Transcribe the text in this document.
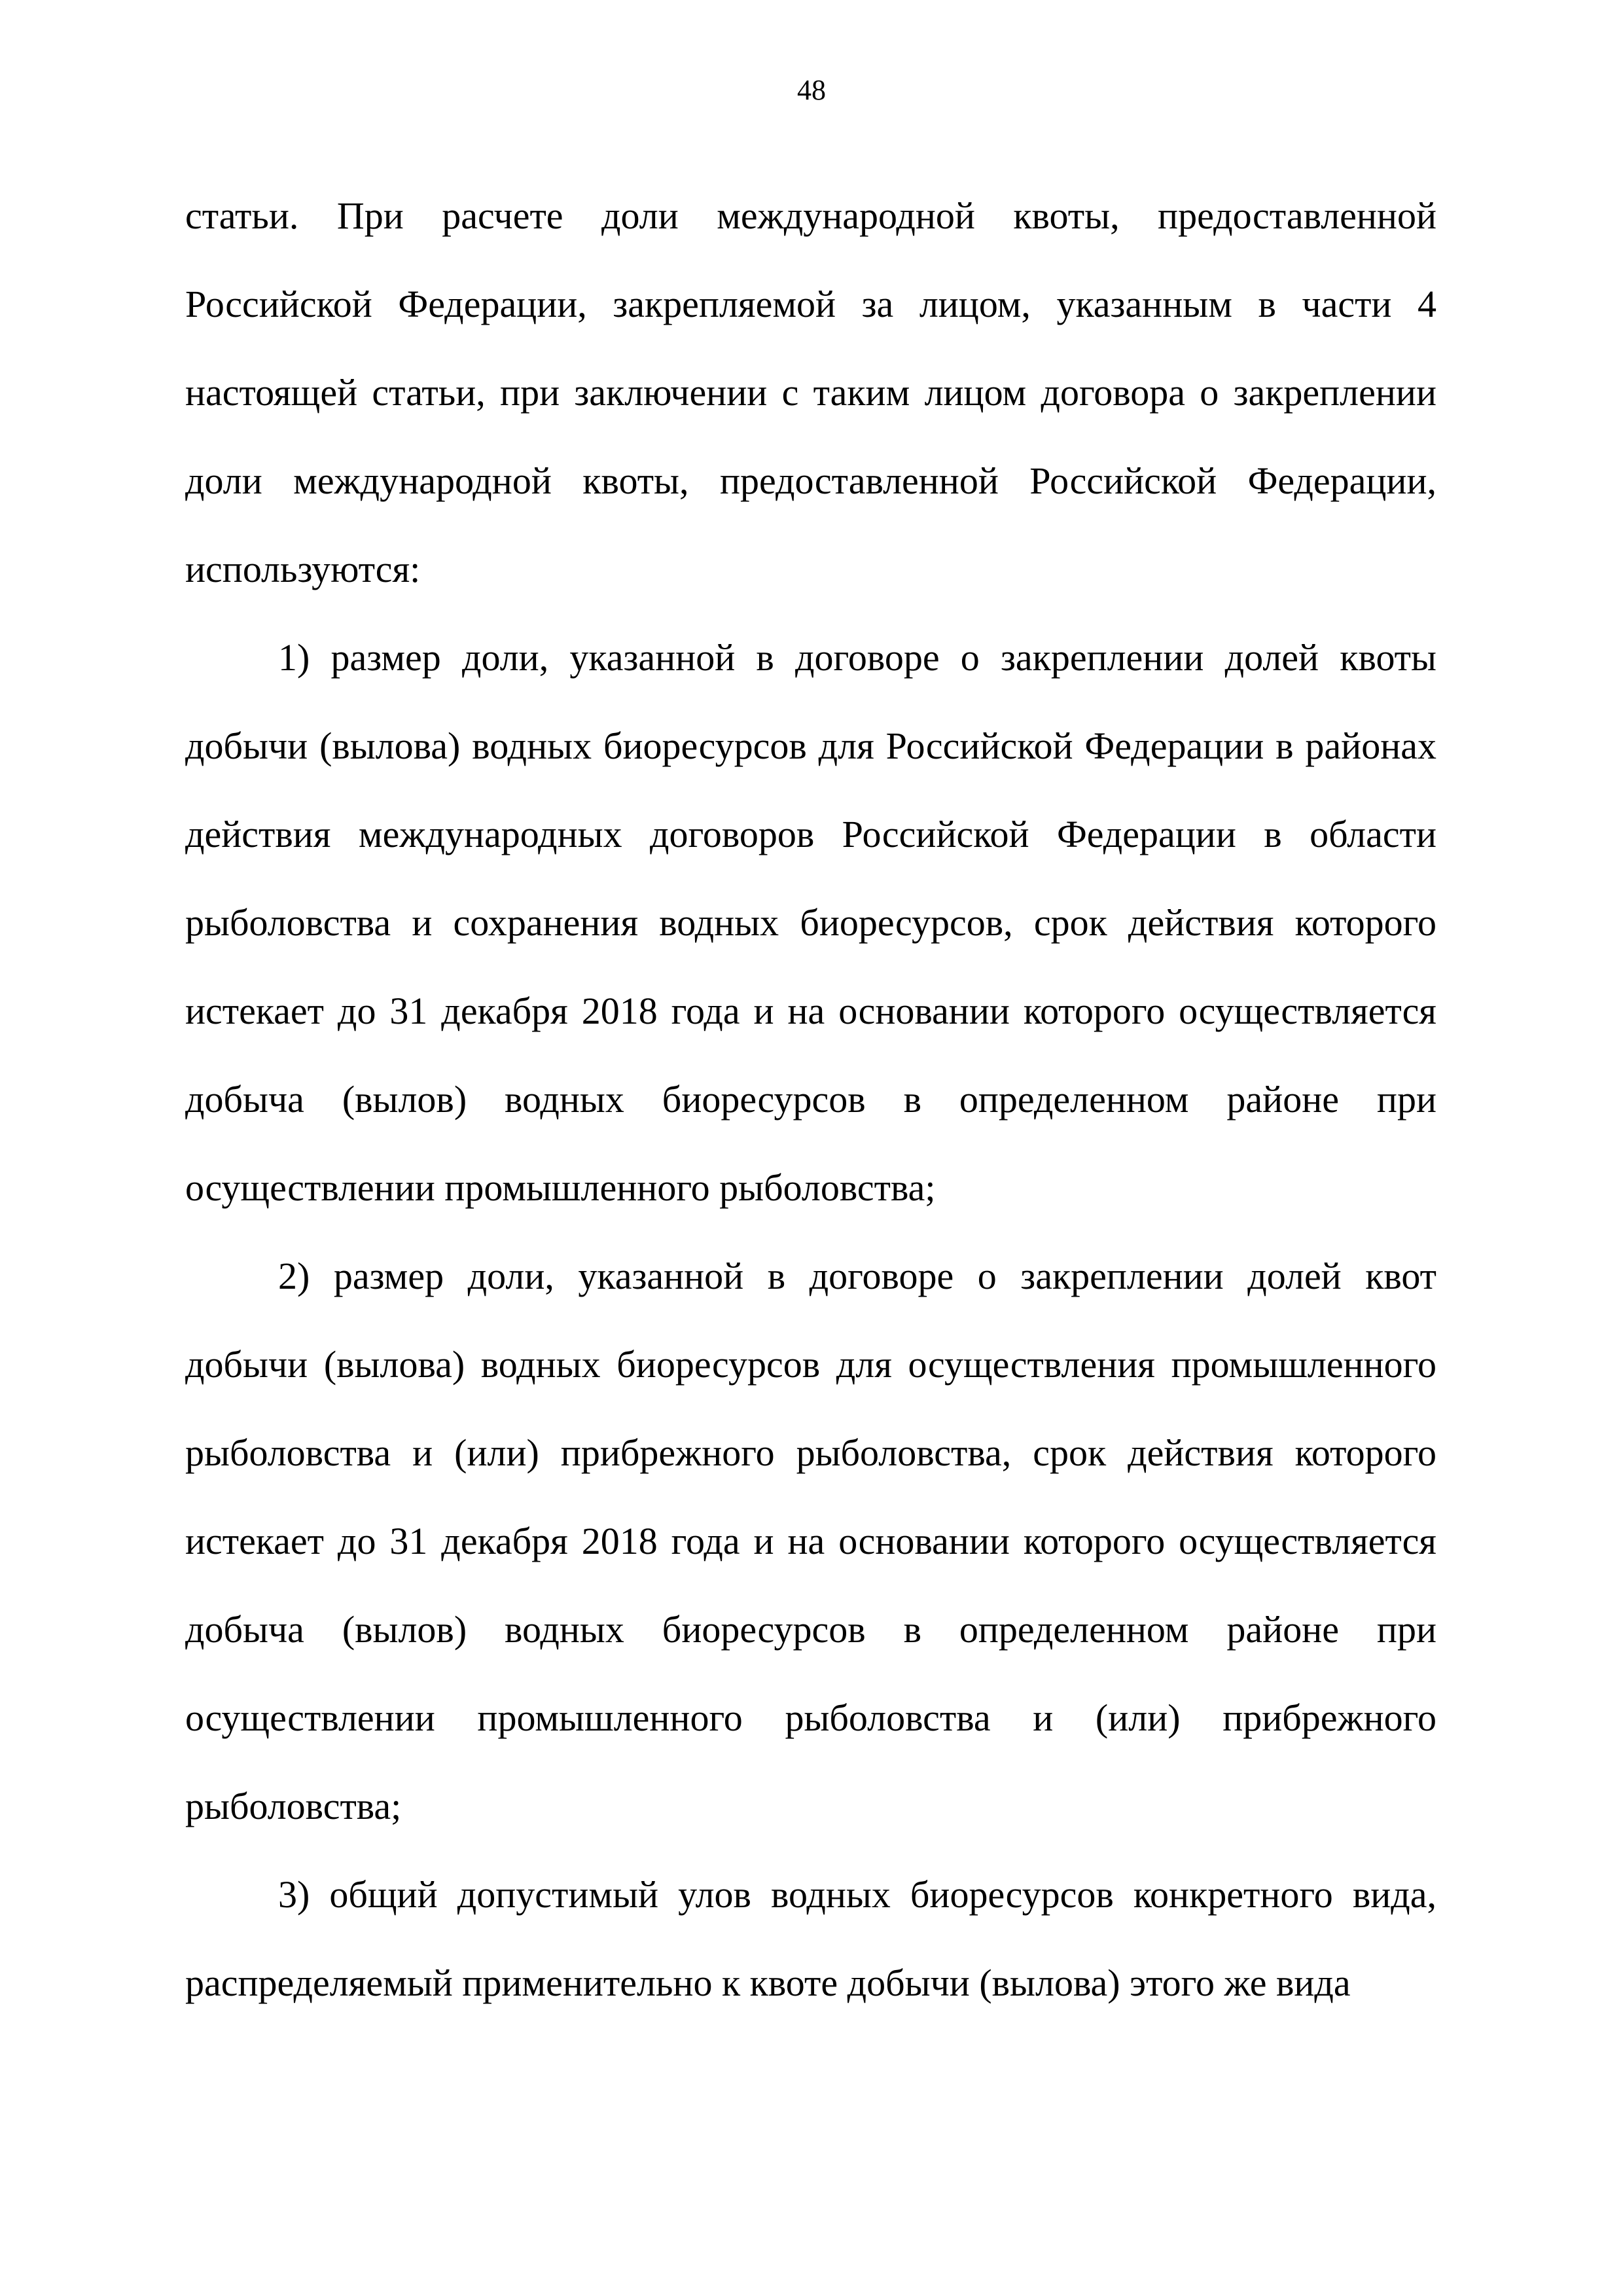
48

статьи. При расчете доли международной квоты, предоставленной Российской Федерации, закрепляемой за лицом, указанным в части 4 настоящей статьи, при заключении с таким лицом договора о закреплении доли международной квоты, предоставленной Российской Федерации, используются:

1) размер доли, указанной в договоре о закреплении долей квоты добычи (вылова) водных биоресурсов для Российской Федерации в районах действия международных договоров Российской Федерации в области рыболовства и сохранения водных биоресурсов, срок действия которого истекает до 31 декабря 2018 года и на основании которого осуществляется добыча (вылов) водных биоресурсов в определенном районе при осуществлении промышленного рыболовства;

2) размер доли, указанной в договоре о закреплении долей квот добычи (вылова) водных биоресурсов для осуществления промышленного рыболовства и (или) прибрежного рыболовства, срок действия которого истекает до 31 декабря 2018 года и на основании которого осуществляется добыча (вылов) водных биоресурсов в определенном районе при осуществлении промышленного рыболовства и (или) прибрежного рыболовства;

3) общий допустимый улов водных биоресурсов конкретного вида, распределяемый применительно к квоте добычи (вылова) этого же вида
